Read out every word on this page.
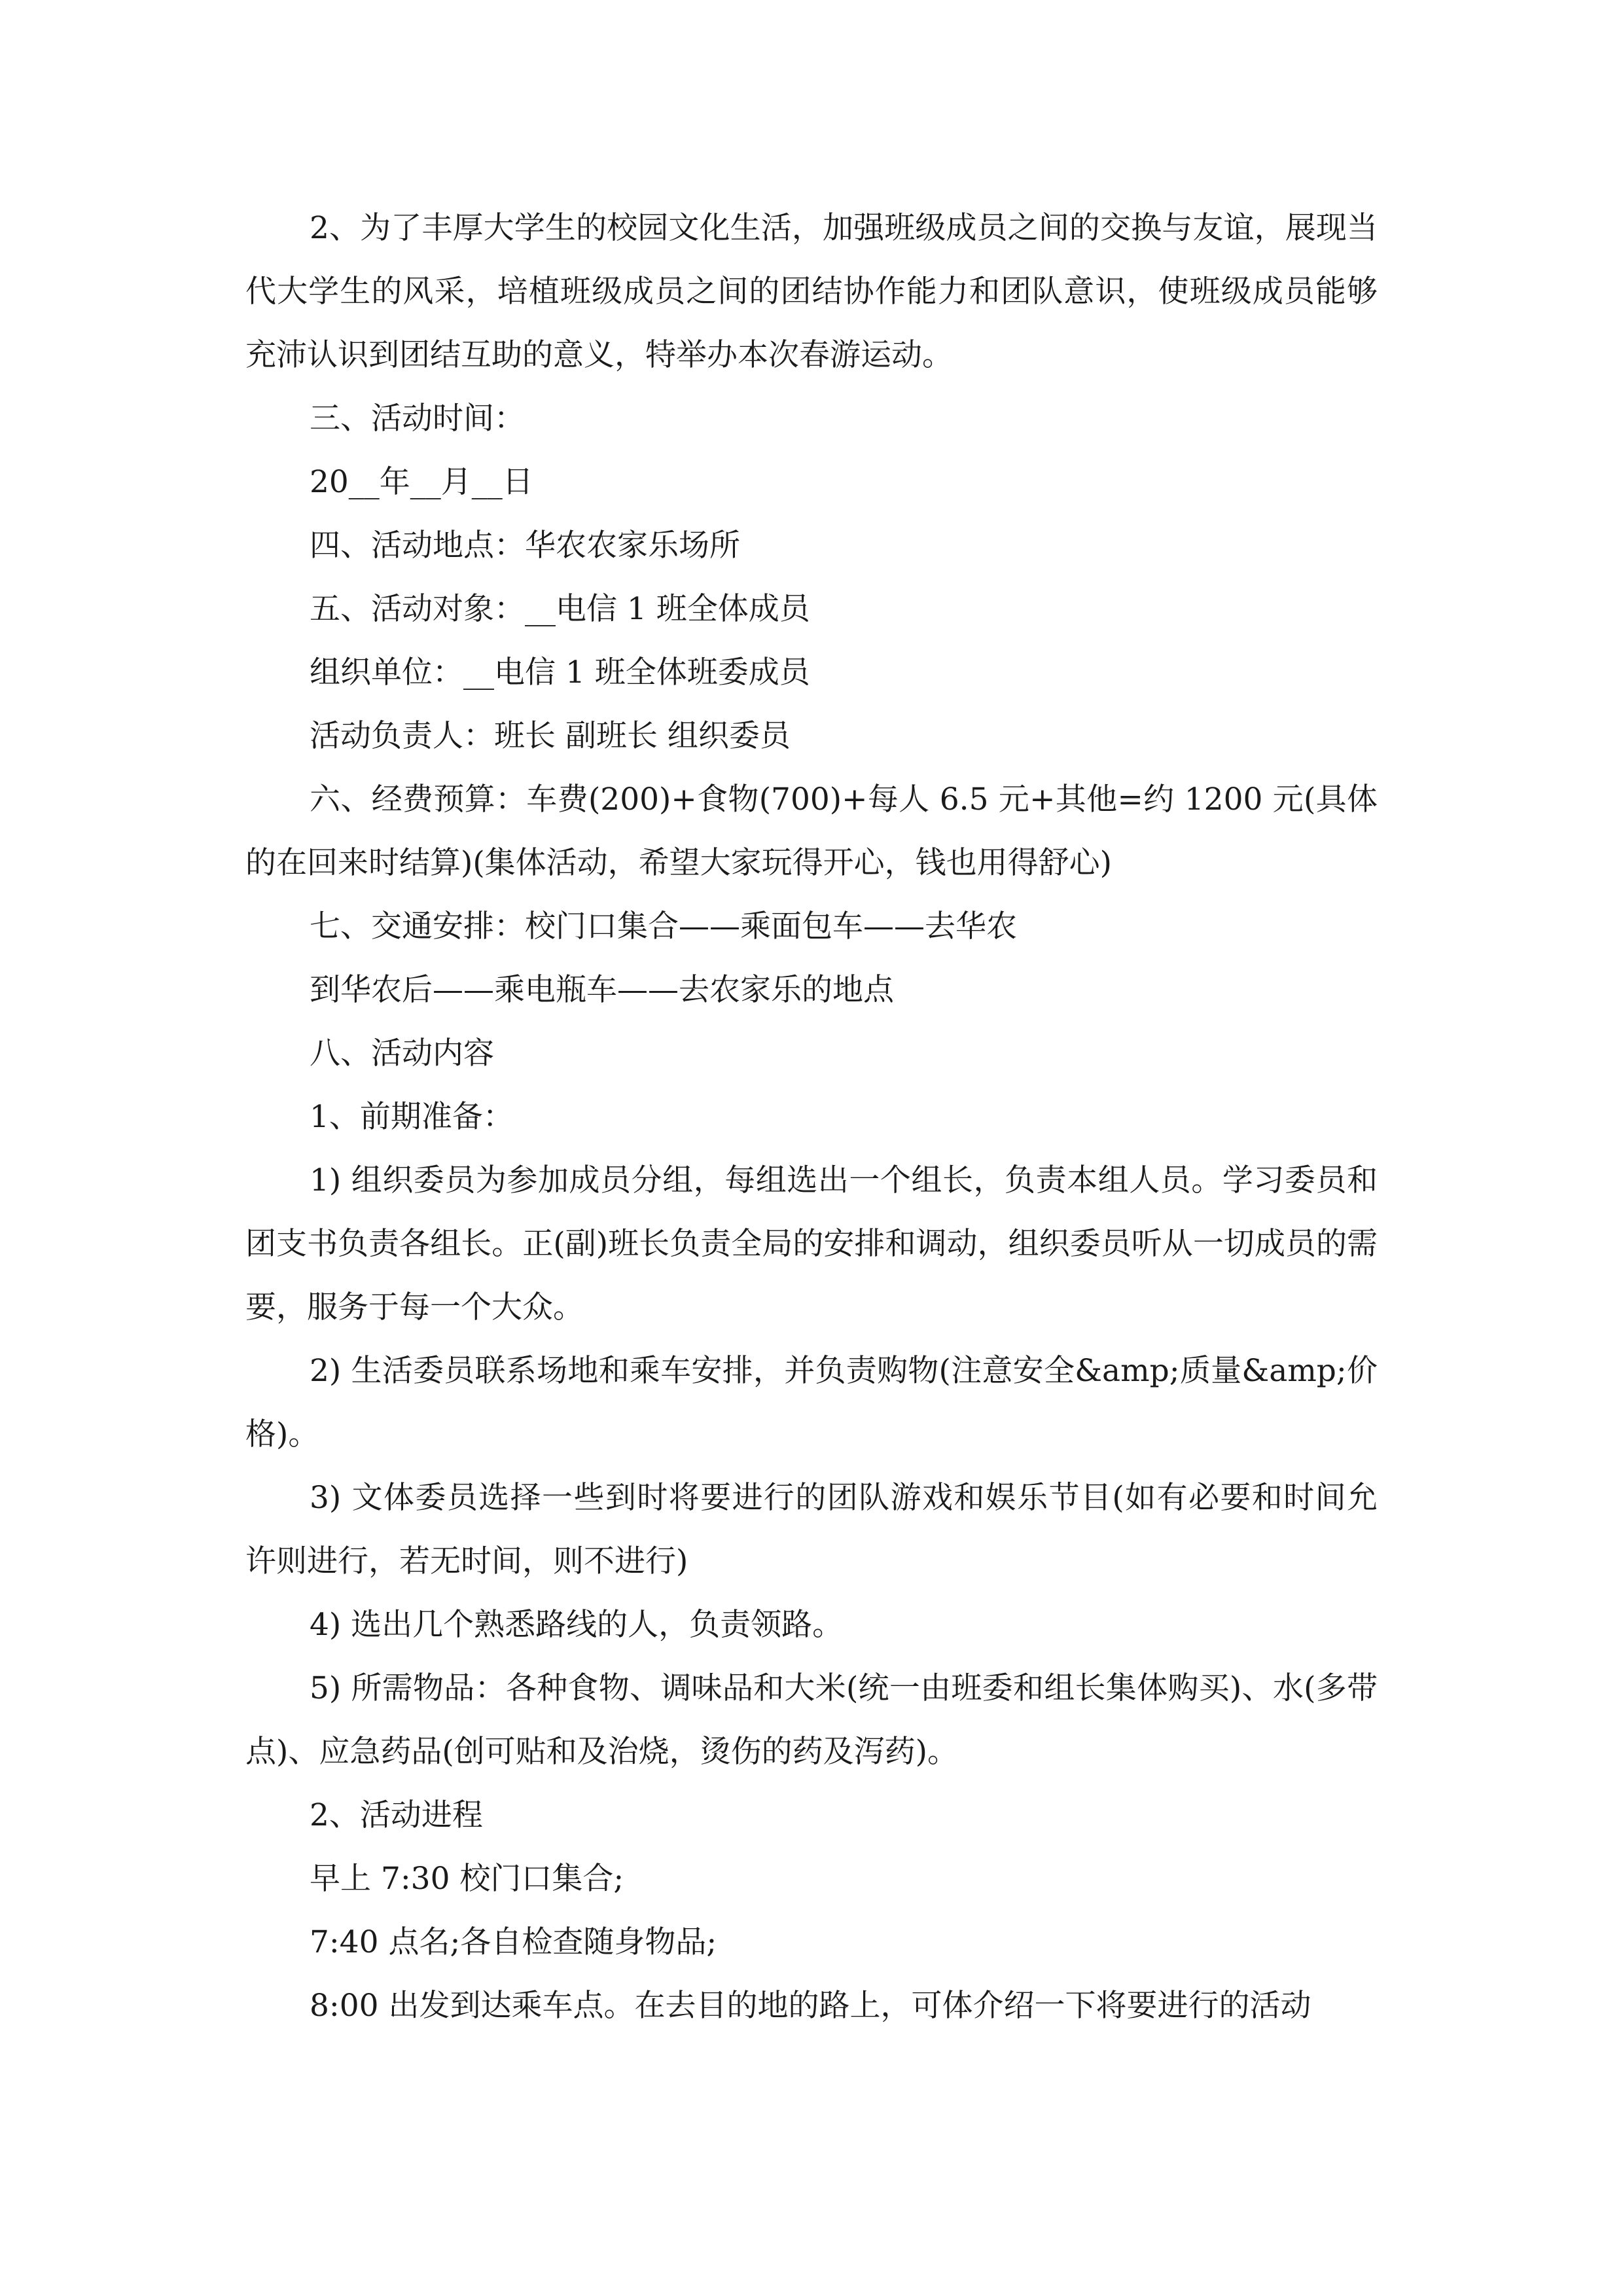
2、为了丰厚大学生的校园文化生活，加强班级成员之间的交换与友谊，展现当代大学生的风采，培植班级成员之间的团结协作能力和团队意识，使班级成员能够充沛认识到团结互助的意义，特举办本次春游运动。

三、活动时间：

20__年__月__日

四、活动地点：华农农家乐场所

五、活动对象：__电信 1 班全体成员

组织单位：__电信 1 班全体班委成员

活动负责人：班长 副班长 组织委员

六、经费预算：车费(200)+食物(700)+每人 6.5 元+其他=约 1200 元(具体的在回来时结算)(集体活动，希望大家玩得开心，钱也用得舒心)

七、交通安排：校门口集合——乘面包车——去华农

到华农后——乘电瓶车——去农家乐的地点

八、活动内容

1、前期准备：

1) 组织委员为参加成员分组，每组选出一个组长，负责本组人员。学习委员和团支书负责各组长。正(副)班长负责全局的安排和调动，组织委员听从一切成员的需要，服务于每一个大众。

2) 生活委员联系场地和乘车安排，并负责购物(注意安全&amp;质量&amp;价格)。

3) 文体委员选择一些到时将要进行的团队游戏和娱乐节目(如有必要和时间允许则进行，若无时间，则不进行)

4) 选出几个熟悉路线的人，负责领路。

5) 所需物品：各种食物、调味品和大米(统一由班委和组长集体购买)、水(多带点)、应急药品(创可贴和及治烧，烫伤的药及泻药)。

2、活动进程

早上 7:30 校门口集合;

7:40 点名;各自检查随身物品;

8:00 出发到达乘车点。在去目的地的路上，可体介绍一下将要进行的活动
